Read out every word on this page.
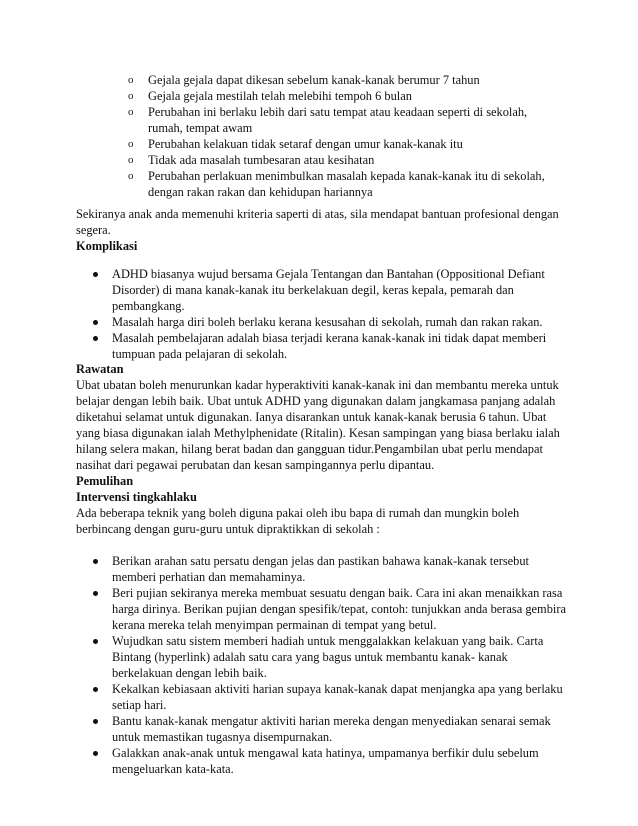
o Gejala gejala dapat dikesan sebelum kanak-kanak berumur 7 tahun
o Gejala gejala mestilah telah melebihi tempoh 6 bulan
o Perubahan ini berlaku lebih dari satu tempat atau keadaan seperti di sekolah, rumah, tempat awam
o Perubahan kelakuan tidak setaraf dengan umur kanak-kanak itu
o Tidak ada masalah tumbesaran atau kesihatan
o Perubahan perlakuan menimbulkan masalah kepada kanak-kanak itu di sekolah, dengan rakan rakan dan kehidupan hariannya

Sekiranya anak anda memenuhi kriteria saperti di atas, sila mendapat bantuan profesional dengan segera.

Komplikasi

ADHD biasanya wujud bersama Gejala Tentangan dan Bantahan (Oppositional Defiant Disorder) di mana kanak-kanak itu berkelakuan degil, keras kepala, pemarah dan pembangkang.
Masalah harga diri boleh berlaku kerana kesusahan di sekolah, rumah dan rakan rakan.
Masalah pembelajaran adalah biasa terjadi kerana kanak-kanak ini tidak dapat memberi tumpuan pada pelajaran di sekolah.

Rawatan

Ubat ubatan boleh menurunkan kadar hyperaktiviti kanak-kanak ini dan membantu mereka untuk belajar dengan lebih baik. Ubat untuk ADHD yang digunakan dalam jangkamasa panjang adalah diketahui selamat untuk digunakan. Ianya disarankan untuk kanak-kanak berusia 6 tahun. Ubat yang biasa digunakan ialah Methylphenidate (Ritalin). Kesan sampingan yang biasa berlaku ialah hilang selera makan, hilang berat badan dan gangguan tidur.Pengambilan ubat perlu mendapat nasihat dari pegawai perubatan dan kesan sampingannya perlu dipantau.

Pemulihan

Intervensi tingkahlaku

Ada beberapa teknik yang boleh diguna pakai oleh ibu bapa di rumah dan mungkin boleh berbincang dengan guru-guru untuk dipraktikkan di sekolah :

Berikan arahan satu persatu dengan jelas dan pastikan bahawa kanak-kanak tersebut memberi perhatian dan memahaminya.
Beri pujian sekiranya mereka membuat sesuatu dengan baik. Cara ini akan menaikkan rasa harga dirinya. Berikan pujian dengan spesifik/tepat, contoh: tunjukkan anda berasa gembira kerana mereka telah menyimpan permainan di tempat yang betul.
Wujudkan satu sistem memberi hadiah untuk menggalakkan kelakuan yang baik. Carta Bintang (hyperlink) adalah satu cara yang bagus untuk membantu kanak- kanak berkelakuan dengan lebih baik.
Kekalkan kebiasaan aktiviti harian supaya kanak-kanak dapat menjangka apa yang berlaku setiap hari.
Bantu kanak-kanak mengatur aktiviti harian mereka dengan menyediakan senarai semak untuk memastikan tugasnya disempurnakan.
Galakkan anak-anak untuk mengawal kata hatinya, umpamanya berfikir dulu sebelum mengeluarkan kata-kata.
